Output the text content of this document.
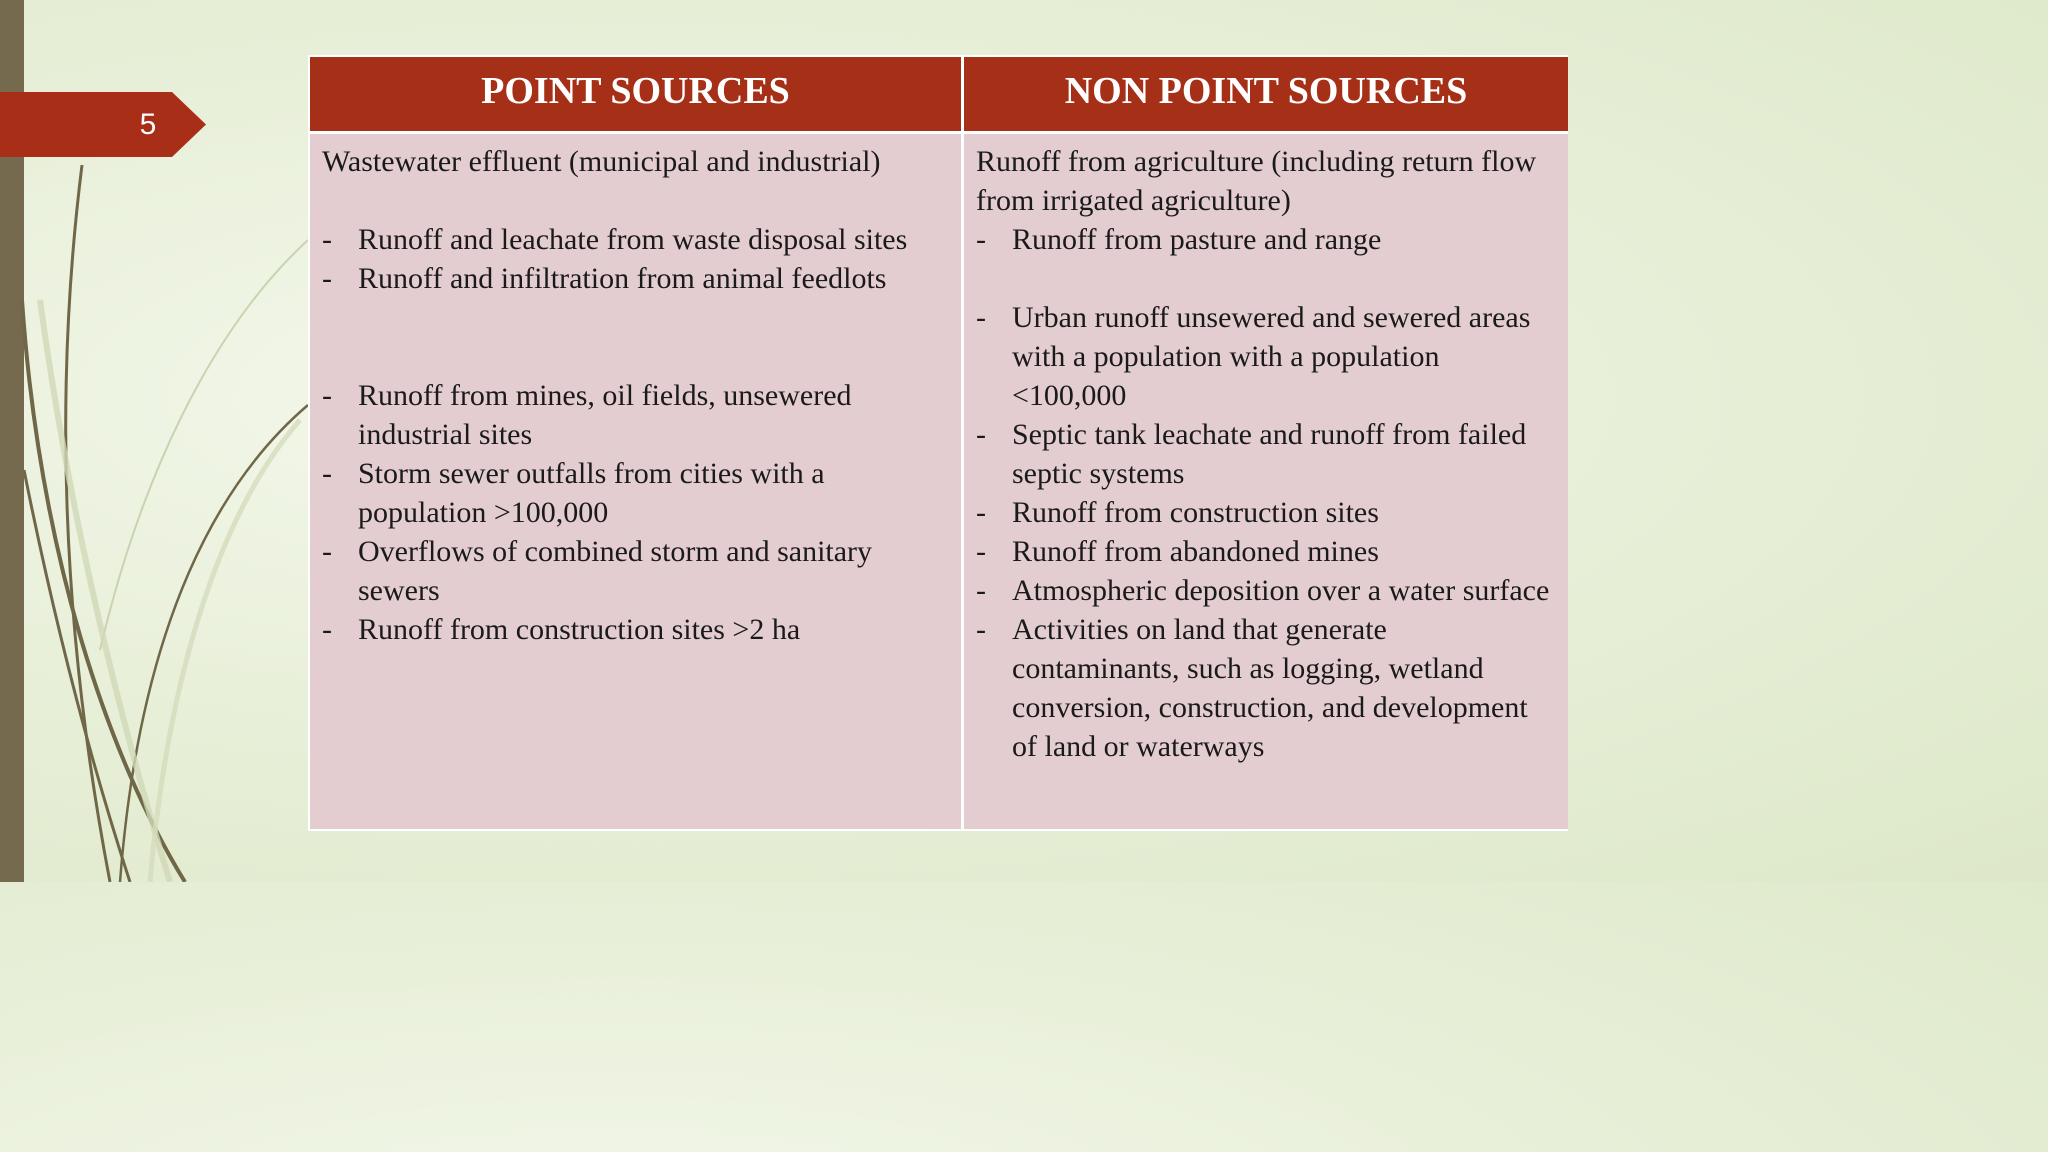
5
POINT SOURCES	NON POINT SOURCES

Wastewater effluent (municipal and industrial)

- Runoff and leachate from waste disposal sites

- Runoff and infiltration from animal feedlots

- Runoff from mines, oil fields, unsewered industrial sites

- Storm sewer outfalls from cities with a population >100,000

- Overflows of combined storm and sanitary sewers

- Runoff from construction sites >2 ha

Runoff from agriculture (including return flow from irrigated agriculture)

- Runoff from pasture and range

- Urban runoff unsewered and sewered areas with a population with a population <100,000

- Septic tank leachate and runoff from failed septic systems

- Runoff from construction sites

- Runoff from abandoned mines

- Atmospheric deposition over a water surface

- Activities on land that generate contaminants, such as logging, wetland conversion, construction, and development of land or waterways
